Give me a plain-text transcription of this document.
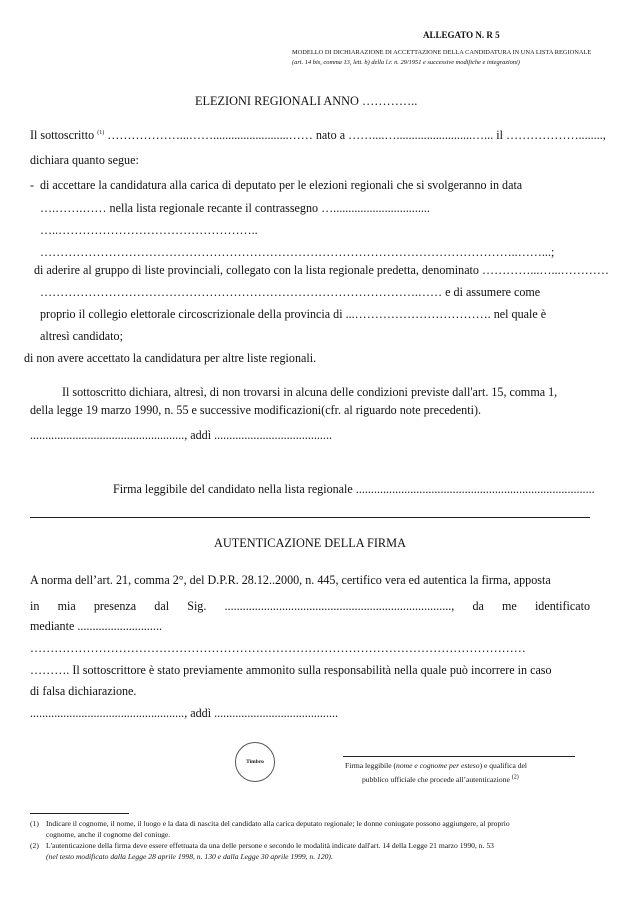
ALLEGATO N. R 5
MODELLO DI DICHIARAZIONE DI ACCETTAZIONE DELLA CANDIDATURA IN UNA LISTA REGIONALE
(art. 14 bis, comma 13, lett. b) della l.r. n. 29/1951 e successive modifiche e integrazioni)
ELEZIONI REGIONALI ANNO …………..
Il sottoscritto $^{(1)}$ ………………...…….........................…… nato a ……....….........................…... il ………………........,
dichiara quanto segue:
- di accettare la candidatura alla carica di deputato per le elezioni regionali che si svolgeranno in data
….…….…… nella lista regionale recante il contrassegno …................................
…..…………………………………………..
………………………………………………………………………………………………………..……...;
di aderire al gruppo di liste provinciali, collegato con la lista regionale predetta, denominato …………...…...…………
………………………………………………………………………………….…… e di assumere come
proprio il collegio elettorale circoscrizionale della provincia di ...……………………………. nel quale è
altresì candidato;
di non avere accettato la candidatura per altre liste regionali.
Il sottoscritto dichiara, altresì, di non trovarsi in alcuna delle condizioni previste dall'art. 15, comma 1,
della legge 19 marzo 1990, n. 55 e successive modificazioni(cfr. al riguardo note precedenti).
..................................................., addì .......................................
Firma leggibile del candidato nella lista regionale ...............................................................................
AUTENTICAZIONE DELLA FIRMA
A norma dell’art. 21, comma 2°, del D.P.R. 28.12..2000, n. 445, certifico vera ed autentica la firma, apposta
in mia presenza dal Sig. ..........................................................................., da me identificato
mediante ............................
……………………………………………………………………………………………………………
………. Il sottoscrittore è stato previamente ammonito sulla responsabilità nella quale può incorrere in caso
di falsa dichiarazione.
..................................................., addì .........................................
Timbro	Firma leggibile (nome e cognome per esteso) e qualifica del
pubblico ufficiale che procede all’autenticazione $^{(2)}$
(1) Indicare il cognome, il nome, il luogo e la data di nascita del candidato alla carica deputato regionale; le donne coniugate possono aggiungere, al proprio
cognome, anche il cognome del coniuge.
(2) L'autenticazione della firma deve essere effettuata da una delle persone e secondo le modalità indicate dall'art. 14 della Legge 21 marzo 1990, n. 53
(nel testo modificato dalla Legge 28 aprile 1998, n. 130 e dalla Legge 30 aprile 1999, n. 120).
